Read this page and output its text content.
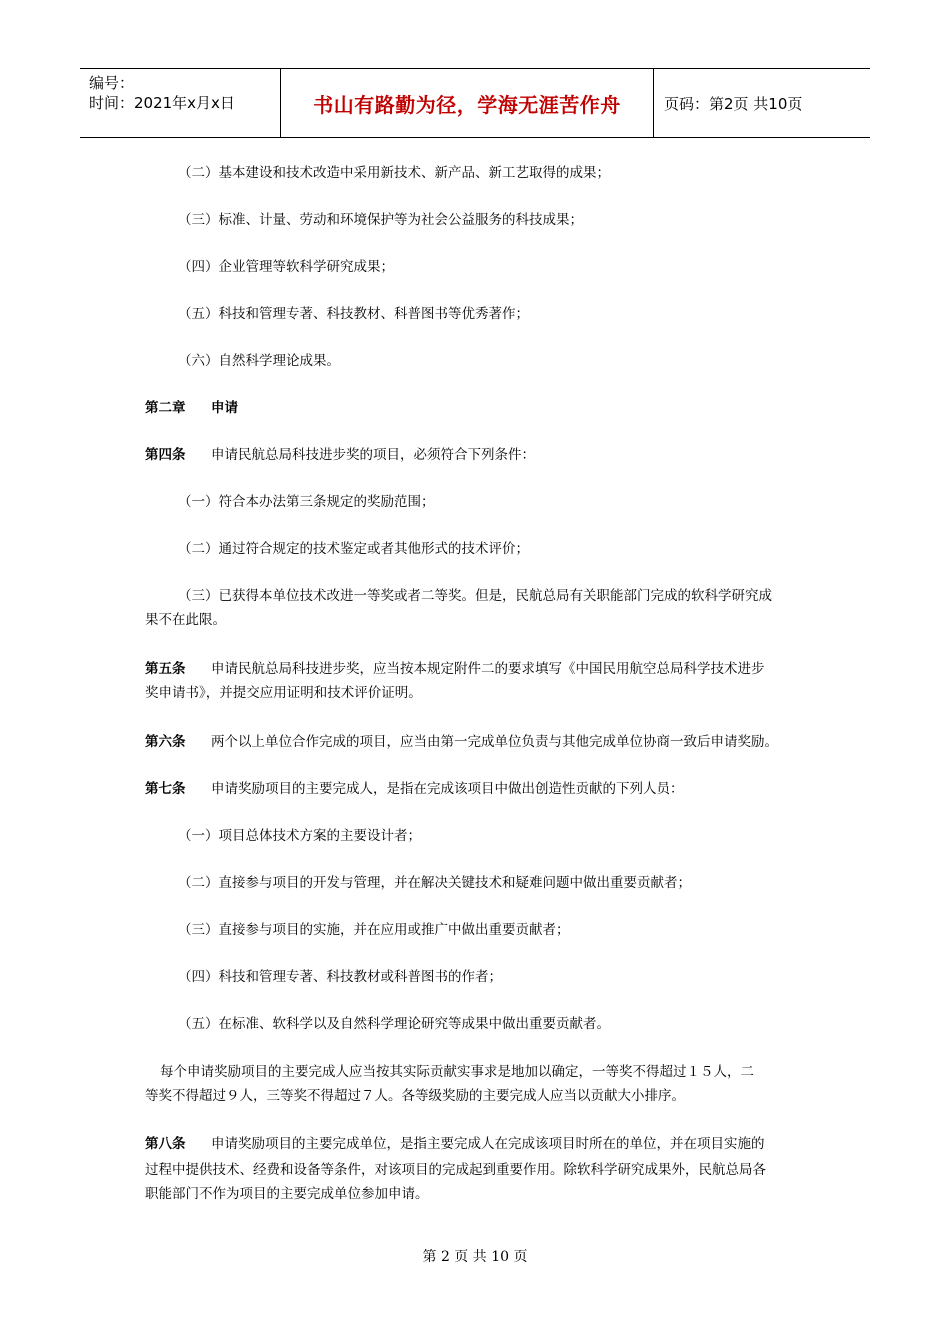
编号：
时间：2021年x月x日	书山有路勤为径，学海无涯苦作舟	页码：第2页 共10页
（二）基本建设和技术改造中采用新技术、新产品、新工艺取得的成果；
（三）标准、计量、劳动和环境保护等为社会公益服务的科技成果；
（四）企业管理等软科学研究成果；
（五）科技和管理专著、科技教材、科普图书等优秀著作；
（六）自然科学理论成果。
第二章 申请
第四条 申请民航总局科技进步奖的项目，必须符合下列条件：
（一）符合本办法第三条规定的奖励范围；
（二）通过符合规定的技术鉴定或者其他形式的技术评价；
（三）已获得本单位技术改进一等奖或者二等奖。但是，民航总局有关职能部门完成的软科学研究成
果不在此限。
第五条 申请民航总局科技进步奖，应当按本规定附件二的要求填写《中国民用航空总局科学技术进步
奖申请书》，并提交应用证明和技术评价证明。
第六条 两个以上单位合作完成的项目，应当由第一完成单位负责与其他完成单位协商一致后申请奖励。
第七条 申请奖励项目的主要完成人，是指在完成该项目中做出创造性贡献的下列人员：
（一）项目总体技术方案的主要设计者；
（二）直接参与项目的开发与管理，并在解决关键技术和疑难问题中做出重要贡献者；
（三）直接参与项目的实施，并在应用或推广中做出重要贡献者；
（四）科技和管理专著、科技教材或科普图书的作者；
（五）在标准、软科学以及自然科学理论研究等成果中做出重要贡献者。
每个申请奖励项目的主要完成人应当按其实际贡献实事求是地加以确定，一等奖不得超过１５人，二
等奖不得超过９人，三等奖不得超过７人。各等级奖励的主要完成人应当以贡献大小排序。
第八条 申请奖励项目的主要完成单位，是指主要完成人在完成该项目时所在的单位，并在项目实施的
过程中提供技术、经费和设备等条件，对该项目的完成起到重要作用。除软科学研究成果外，民航总局各
职能部门不作为项目的主要完成单位参加申请。
第 2 页 共 10 页
